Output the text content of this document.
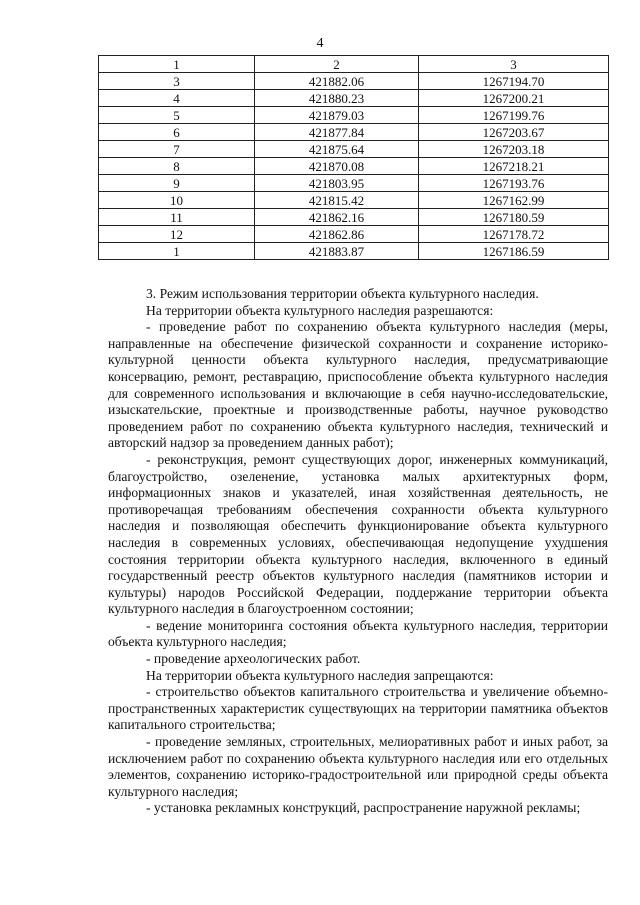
4
1	2	3
3	421882.06	1267194.70
4	421880.23	1267200.21
5	421879.03	1267199.76
6	421877.84	1267203.67
7	421875.64	1267203.18
8	421870.08	1267218.21
9	421803.95	1267193.76
10	421815.42	1267162.99
11	421862.16	1267180.59
12	421862.86	1267178.72
1	421883.87	1267186.59

3. Режим использования территории объекта культурного наследия.

На территории объекта культурного наследия разрешаются:

- проведение работ по сохранению объекта культурного наследия (меры, направленные на обеспечение физической сохранности и сохранение историко-культурной ценности объекта культурного наследия, предусматривающие консервацию, ремонт, реставрацию, приспособление объекта культурного наследия для современного использования и включающие в себя научно-исследовательские, изыскательские, проектные и производственные работы, научное руководство проведением работ по сохранению объекта культурного наследия, технический и авторский надзор за проведением данных работ);

- реконструкция, ремонт существующих дорог, инженерных коммуникаций, благоустройство, озеленение, установка малых архитектурных форм, информационных знаков и указателей, иная хозяйственная деятельность, не противоречащая требованиям обеспечения сохранности объекта культурного наследия и позволяющая обеспечить функционирование объекта культурного наследия в современных условиях, обеспечивающая недопущение ухудшения состояния территории объекта культурного наследия, включенного в единый государственный реестр объектов культурного наследия (памятников истории и культуры) народов Российской Федерации, поддержание территории объекта культурного наследия в благоустроенном состоянии;

- ведение мониторинга состояния объекта культурного наследия, территории объекта культурного наследия;

- проведение археологических работ.

На территории объекта культурного наследия запрещаются:

- строительство объектов капитального строительства и увеличение объемно-пространственных характеристик существующих на территории памятника объектов капитального строительства;

- проведение земляных, строительных, мелиоративных работ и иных работ, за исключением работ по сохранению объекта культурного наследия или его отдельных элементов, сохранению историко-градостроительной или природной среды объекта культурного наследия;

- установка рекламных конструкций, распространение наружной рекламы;
